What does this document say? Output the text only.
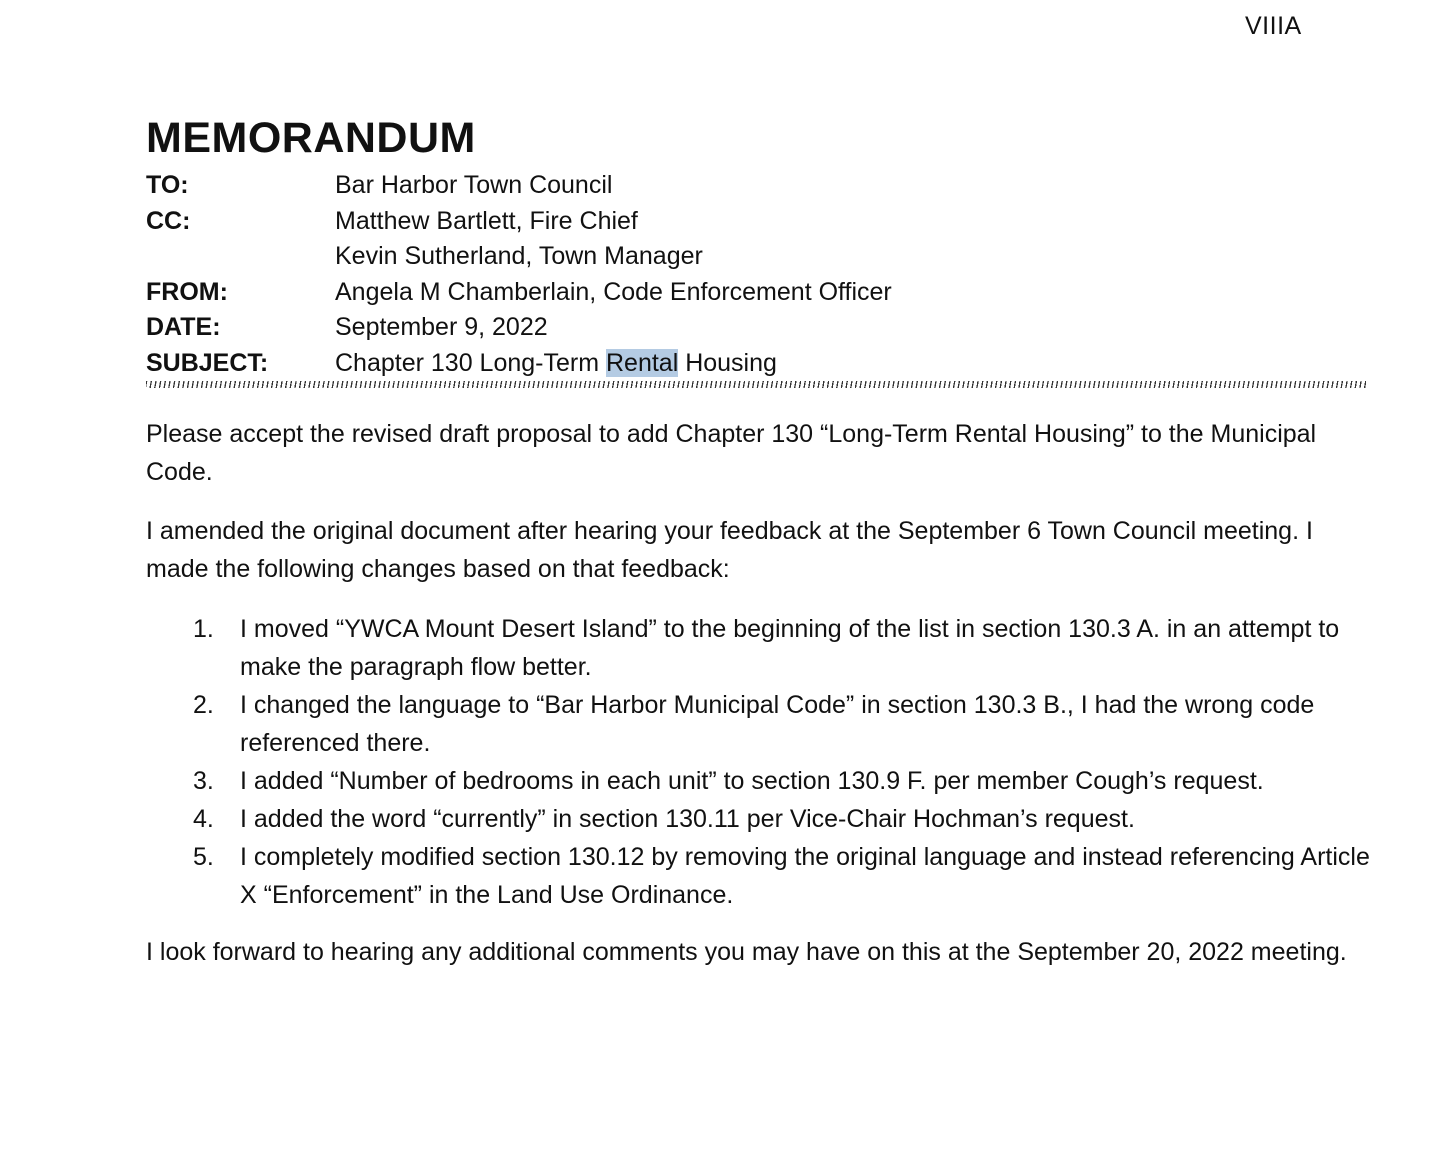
VIIIA
MEMORANDUM
TO:	Bar Harbor Town Council
CC:	Matthew Bartlett, Fire Chief
Kevin Sutherland, Town Manager
FROM:	Angela M Chamberlain, Code Enforcement Officer
DATE:	September 9, 2022
SUBJECT:	Chapter 130 Long-Term Rental Housing

Please accept the revised draft proposal to add Chapter 130 “Long-Term Rental Housing” to the Municipal Code.

I amended the original document after hearing your feedback at the September 6 Town Council meeting. I made the following changes based on that feedback:

1. I moved “YWCA Mount Desert Island” to the beginning of the list in section 130.3 A. in an attempt to make the paragraph flow better.
2. I changed the language to “Bar Harbor Municipal Code” in section 130.3 B., I had the wrong code referenced there.
3. I added “Number of bedrooms in each unit” to section 130.9 F. per member Cough’s request.
4. I added the word “currently” in section 130.11 per Vice-Chair Hochman’s request.
5. I completely modified section 130.12 by removing the original language and instead referencing Article X “Enforcement” in the Land Use Ordinance.

I look forward to hearing any additional comments you may have on this at the September 20, 2022 meeting.
